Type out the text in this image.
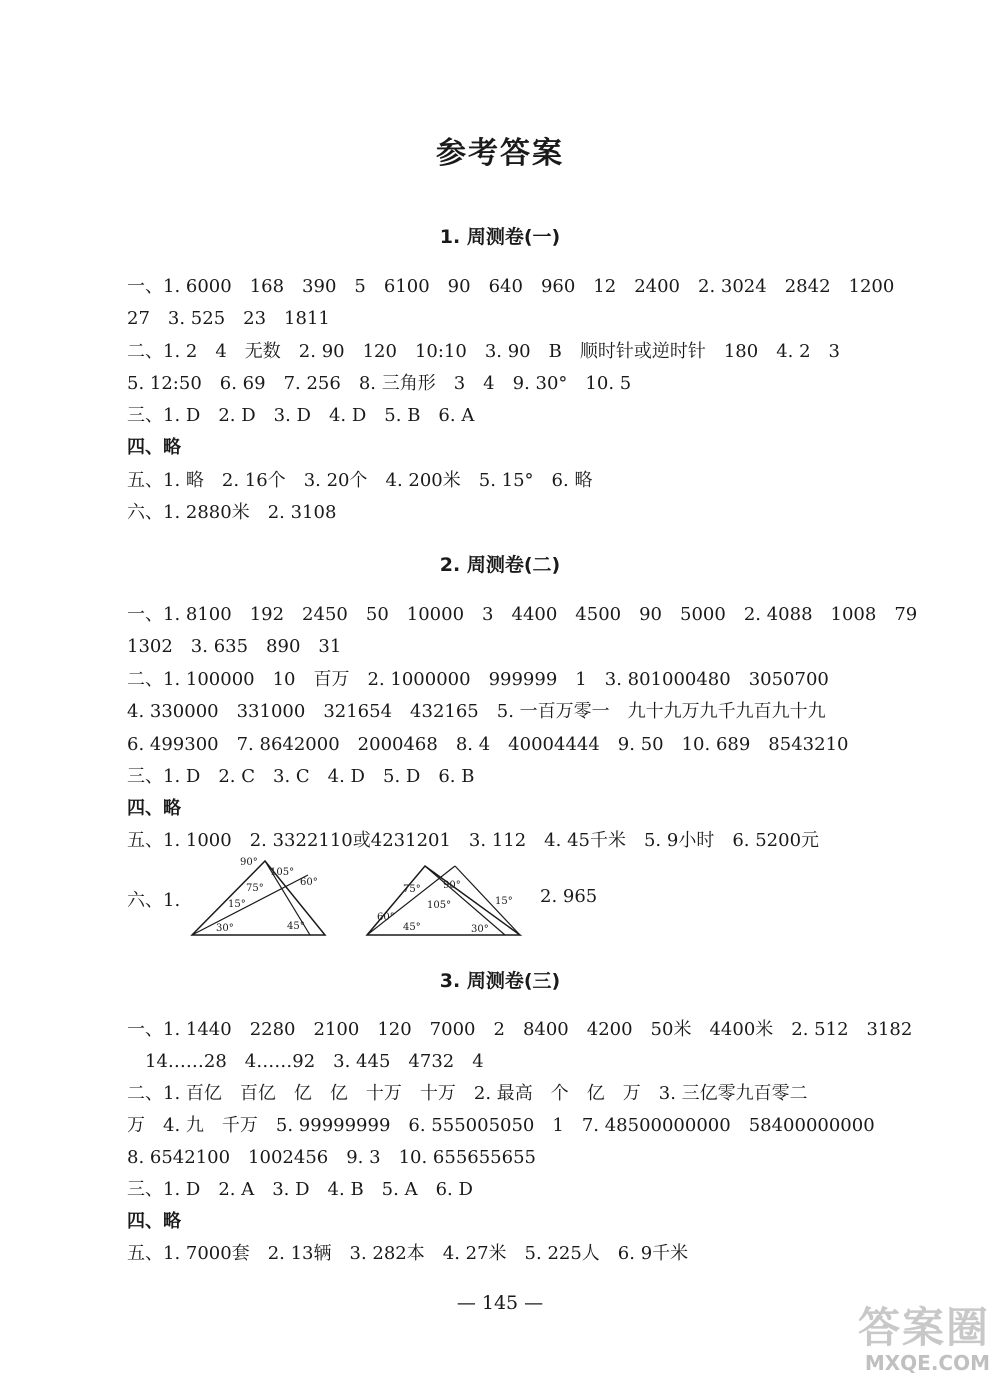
参考答案
1. 周测卷(一)
一、1. 6000　168　390　5　6100　90　640　960　12　2400　2. 3024　2842　1200
27　3. 525　23　1811
二、1. 2　4　无数　2. 90　120　10:10　3. 90　B　顺时针或逆时针　180　4. 2　3
5. 12:50　6. 69　7. 256　8. 三角形　3　4　9. 30°　10. 5
三、1. D　2. D　3. D　4. D　5. B　6. A
四、略
五、1. 略　2. 16个　3. 20个　4. 200米　5. 15°　6. 略
六、1. 2880米　2. 3108
2. 周测卷(二)
一、1. 8100　192　2450　50　10000　3　4400　4500　90　5000　2. 4088　1008　79
1302　3. 635　890　31
二、1. 100000　10　百万　2. 1000000　999999　1　3. 801000480　3050700
4. 330000　331000　321654　432165　5. 一百万零一　九十九万九千九百九十九
6. 499300　7. 8642000　2000468　8. 4　40004444　9. 50　10. 689　8543210
三、1. D　2. C　3. C　4. D　5. D　6. B
四、略
五、1. 1000　2. 3322110或4231201　3. 112　4. 45千米　5. 9小时　6. 5200元
六、1.
90°
105°
75°
60°
15°
45°
30°
75° 90°
105°	15°
60°
45°	30°
2. 965
3. 周测卷(三)
一、1. 1440　2280　2100　120　7000　2　8400　4200　50米　4400米　2. 512　3182
14……28　4……92　3. 445　4732　4
二、1. 百亿　百亿　亿　亿　十万　十万　2. 最高　个　亿　万　3. 三亿零九百零二
万　4. 九　千万　5. 99999999　6. 555005050　1　7. 48500000000　58400000000
8. 6542100　1002456　9. 3　10. 655655655
三、1. D　2. A　3. D　4. B　5. A　6. D
四、略
五、1. 7000套　2. 13辆　3. 282本　4. 27米　5. 225人　6. 9千米
— 145 —	答案圈
MXQE.COM
